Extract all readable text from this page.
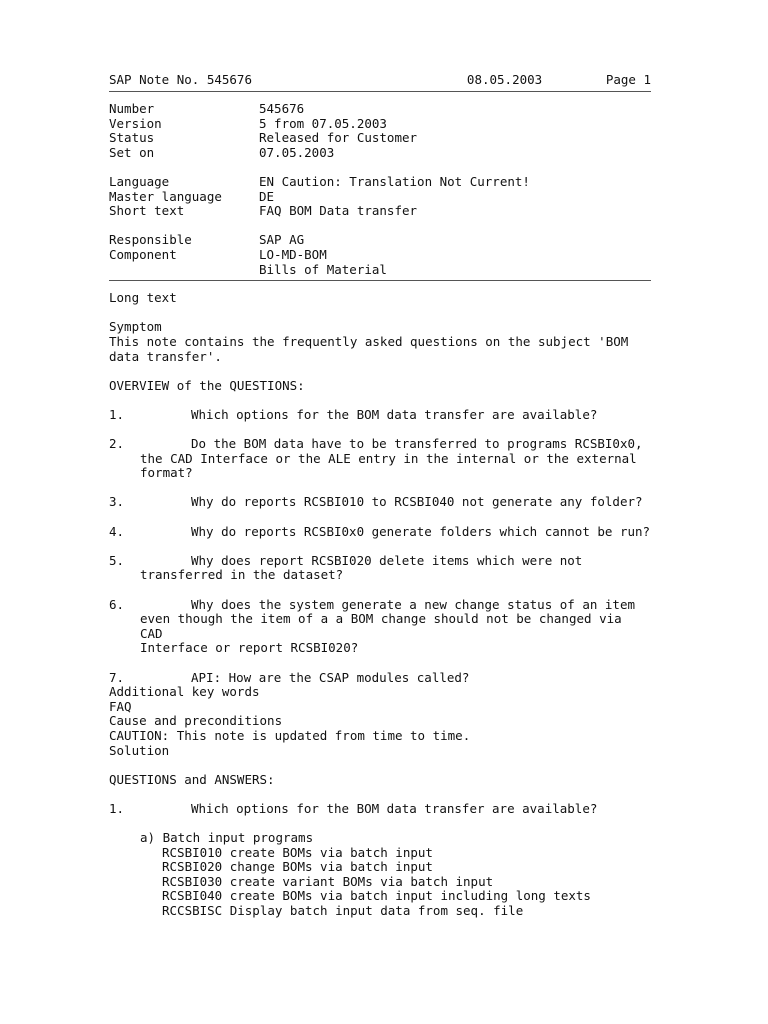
SAP Note No. 545676	08.05.2003	Page 1
Number	545676
Version	5 from 07.05.2003
Status	Released for Customer
Set on	07.05.2003
Language	EN Caution: Translation Not Current!
Master language	DE
Short text	FAQ BOM Data transfer
Responsible	SAP AG
Component	LO-MD-BOM
Bills of Material
Long text
Symptom
This note contains the frequently asked questions on the subject 'BOM
data transfer'.
OVERVIEW of the QUESTIONS:
1.	Which options for the BOM data transfer are available?
2.	Do the BOM data have to be transferred to programs RCSBI0x0,
the CAD Interface or the ALE entry in the internal or the external
format?
3.	Why do reports RCSBI010 to RCSBI040 not generate any folder?
4.	Why do reports RCSBI0x0 generate folders which cannot be run?
5.	Why does report RCSBI020 delete items which were not
transferred in the dataset?
6.	Why does the system generate a new change status of an item
even though the item of a a BOM change should not be changed via CAD
Interface or report RCSBI020?
7.	API: How are the CSAP modules called?
Additional key words
FAQ
Cause and preconditions
CAUTION: This note is updated from time to time.
Solution
QUESTIONS and ANSWERS:
1.	Which options for the BOM data transfer are available?
a) Batch input programs
RCSBI010 create BOMs via batch input
RCSBI020 change BOMs via batch input
RCSBI030 create variant BOMs via batch input
RCSBI040 create BOMs via batch input including long texts
RCCSBISC Display batch input data from seq. file
